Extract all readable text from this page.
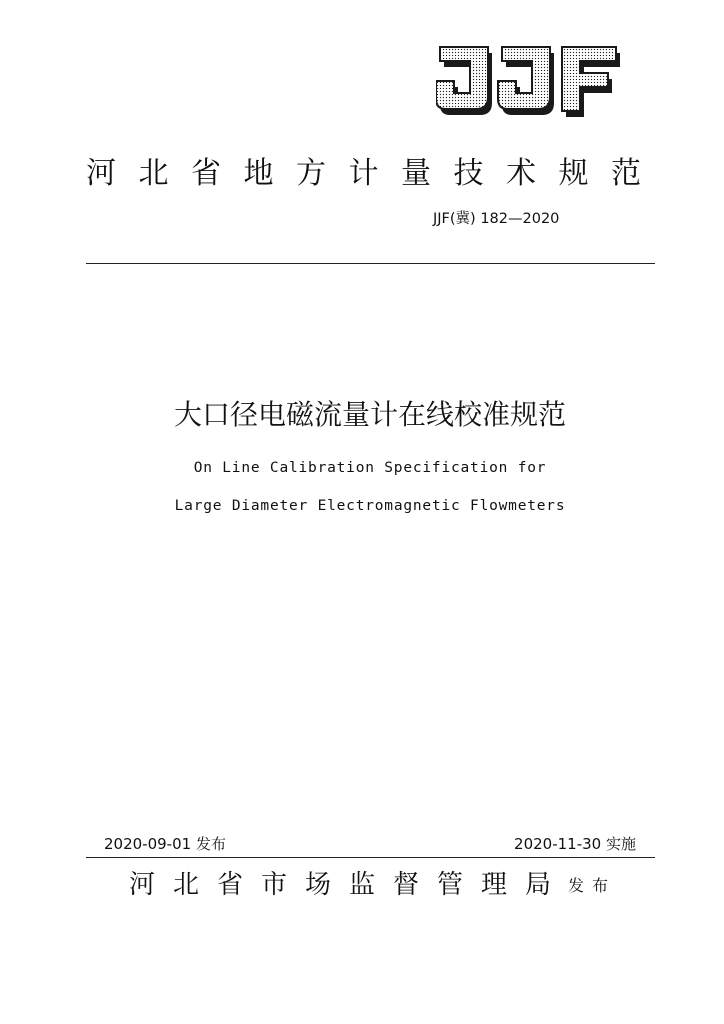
河北省地方计量技术规范
JJF(冀) 182—2020
大口径电磁流量计在线校准规范
On Line Calibration Specification for
Large Diameter Electromagnetic Flowmeters
2020-09-01 发布	2020-11-30 实施
河北省市场监督管理局
发布
